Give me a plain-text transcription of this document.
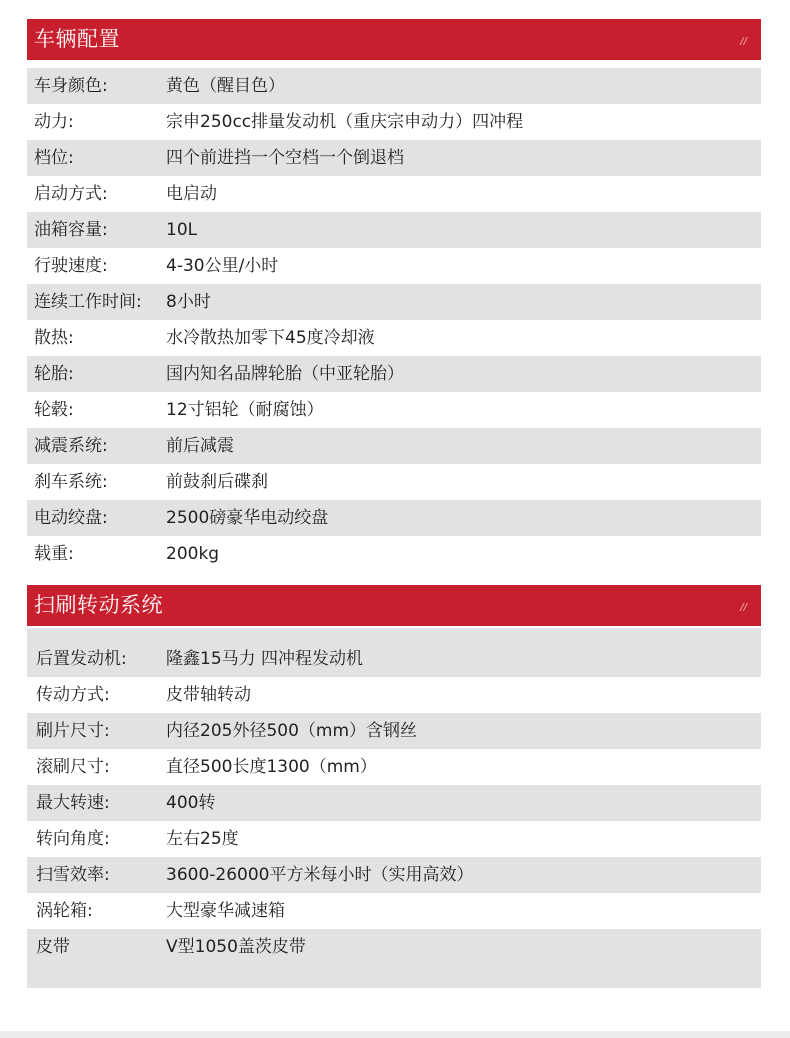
车辆配置	//
车身颜色:	黄色（醒目色）
动力:	宗申250cc排量发动机（重庆宗申动力）四冲程
档位:	四个前进挡一个空档一个倒退档
启动方式:	电启动
油箱容量:	10L
行驶速度:	4-30公里/小时
连续工作时间: 8小时
散热:	水冷散热加零下45度冷却液
轮胎:	国内知名品牌轮胎（中亚轮胎）
轮毂:	12寸铝轮（耐腐蚀）
减震系统:	前后减震
刹车系统:	前鼓刹后碟刹
电动绞盘:	2500磅豪华电动绞盘
载重:	200kg
扫刷转动系统	//
后置发动机: 隆鑫15马力 四冲程发动机
传动方式:	皮带轴转动
刷片尺寸:	内径205外径500（mm）含钢丝
滚刷尺寸:	直径500长度1300（mm）
最大转速:	400转
转向角度:	左右25度
扫雪效率:	3600-26000平方米每小时（实用高效）
涡轮箱:	大型豪华减速箱
皮带	V型1050盖茨皮带
